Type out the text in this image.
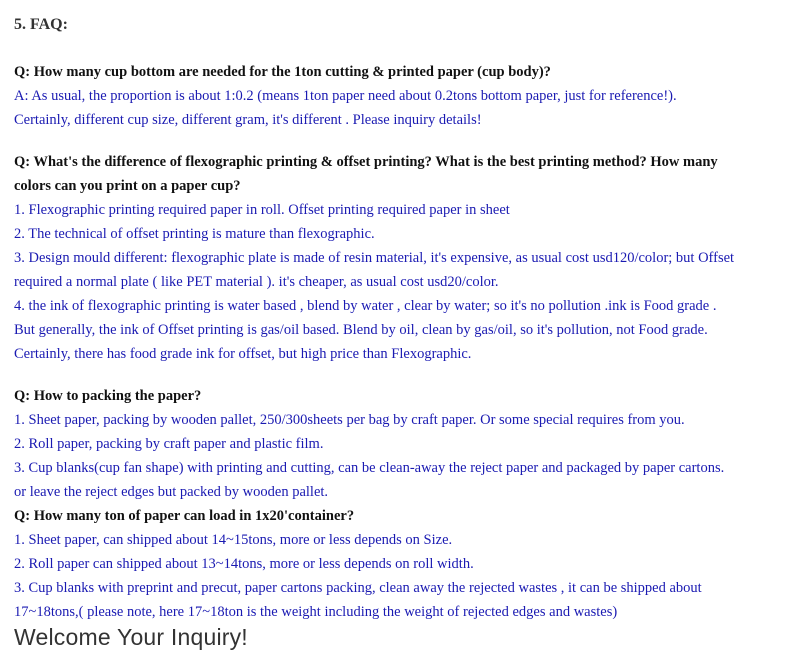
5. FAQ:
Q: How many cup bottom are needed for the 1ton cutting & printed paper (cup body)?
A: As usual, the proportion is about 1:0.2 (means 1ton paper need about 0.2tons bottom paper, just for reference!).
Certainly, different cup size, different gram, it's different . Please inquiry details!
Q: What's the difference of flexographic printing & offset printing? What is the best printing method? How many
colors can you print on a paper cup?
1. Flexographic printing required paper in roll. Offset printing required paper in sheet
2. The technical of offset printing is mature than flexographic.
3. Design mould different: flexographic plate is made of resin material, it's expensive, as usual cost usd120/color; but Offset
required a normal plate ( like PET material ). it's cheaper, as usual cost usd20/color.
4. the ink of flexographic printing is water based , blend by water , clear by water; so it's no pollution .ink is Food grade .
But generally, the ink of Offset printing is gas/oil based. Blend by oil, clean by gas/oil, so it's pollution, not Food grade.
Certainly, there has food grade ink for offset, but high price than Flexographic.
Q: How to packing the paper?
1. Sheet paper, packing by wooden pallet, 250/300sheets per bag by craft paper. Or some special requires from you.
2. Roll paper, packing by craft paper and plastic film.
3. Cup blanks(cup fan shape) with printing and cutting, can be clean-away the reject paper and packaged by paper cartons.
or leave the reject edges but packed by wooden pallet.
Q: How many ton of paper can load in 1x20'container?
1. Sheet paper, can shipped about 14~15tons, more or less depends on Size.
2. Roll paper can shipped about 13~14tons, more or less depends on roll width.
3. Cup blanks with preprint and precut, paper cartons packing, clean away the rejected wastes , it can be shipped about
17~18tons,( please note, here 17~18ton is the weight including the weight of rejected edges and wastes)
Welcome Your Inquiry!
